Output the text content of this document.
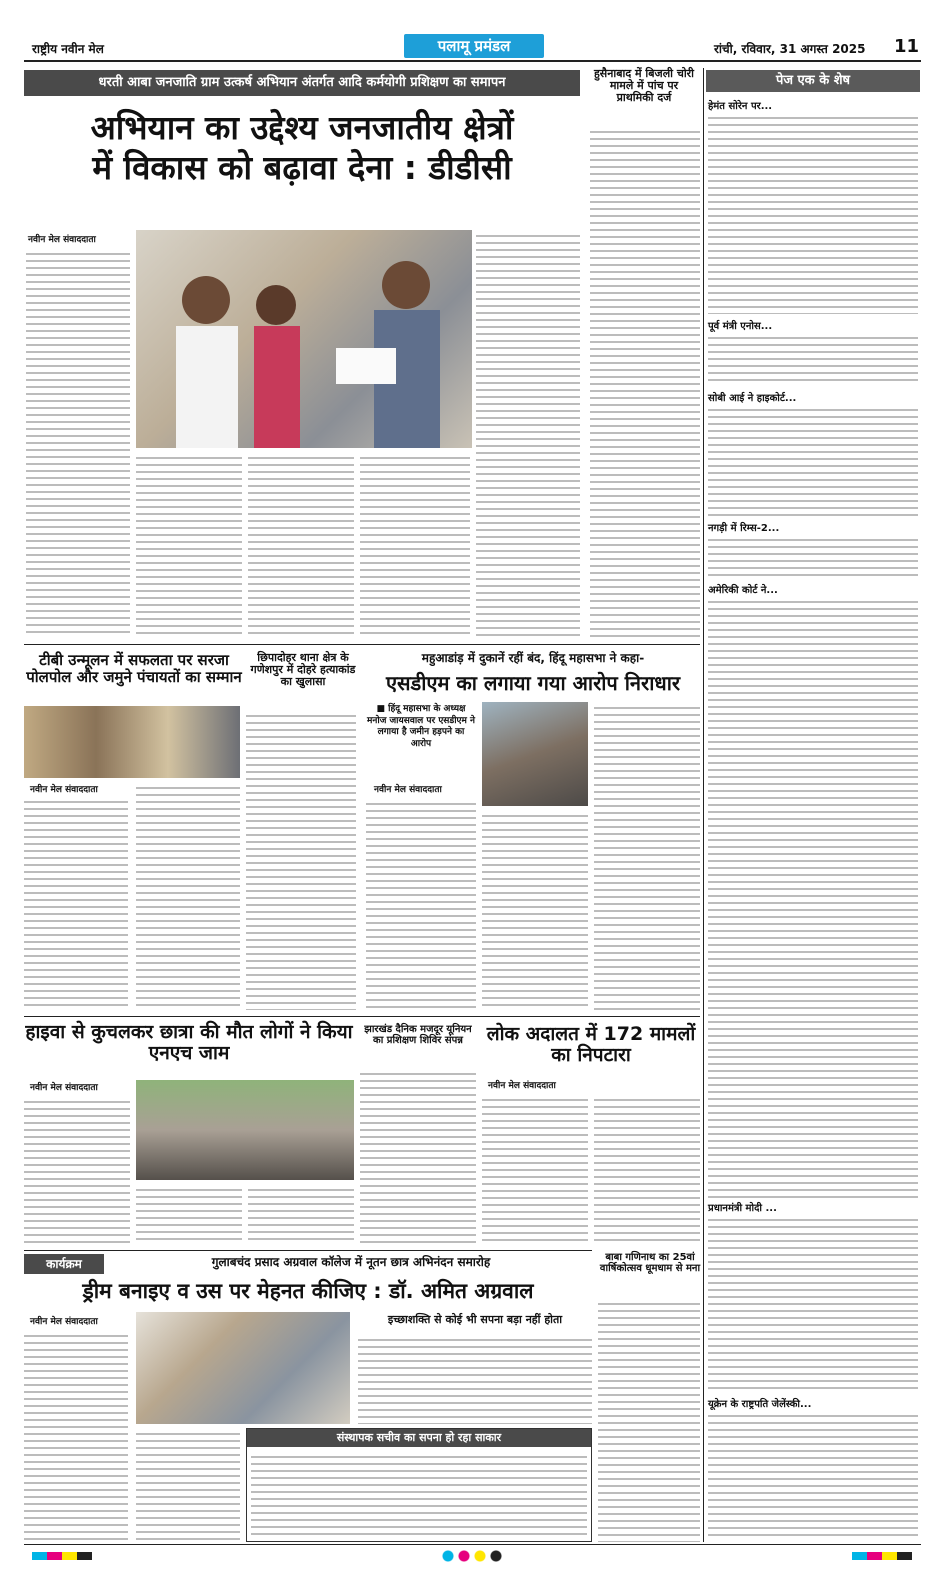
राष्ट्रीय नवीन मेल	पलामू प्रमंडल	रांची, रविवार, 31 अगस्त 2025 11
धरती आबा जनजाति ग्राम उत्कर्ष अभियान अंतर्गत आदि कर्मयोगी प्रशिक्षण का समापन
अभियान का उद्देश्य जनजातीय क्षेत्रों
में विकास को बढ़ावा देना : डीडीसी
नवीन मेल संवाददाता
हुसैनाबाद में बिजली चोरी मामले में पांच पर प्राथमिकी दर्ज
पेज एक के शेष
हेमंत सोरेन पर...
पूर्व मंत्री एनोस...
सोबी आई ने हाइकोर्ट...
नगड़ी में रिम्स-2...
अमेरिकी कोर्ट ने...
प्रधानमंत्री मोदी ...
यूक्रेन के राष्ट्रपति जेलेंस्की...
टीबी उन्मूलन में सफलता पर सरजा पोलपोल और जमुने पंचायतों का सम्मान
नवीन मेल संवाददाता
छिपादोहर थाना क्षेत्र के गणेशपुर में दोहरे हत्याकांड का खुलासा
महुआडांड़ में दुकानें रहीं बंद, हिंदू महासभा ने कहा-
एसडीएम का लगाया गया आरोप निराधार
■ हिंदू महासभा के अध्यक्ष मनोज जायसवाल पर एसडीएम ने लगाया है जमीन हड़पने का आरोप
नवीन मेल संवाददाता
हाइवा से कुचलकर छात्रा की मौत लोगों ने किया एनएच जाम
नवीन मेल संवाददाता
झारखंड दैनिक मजदूर यूनियन का प्रशिक्षण शिविर संपन्न	लोक अदालत में 172 मामलों का निपटारा
नवीन मेल संवाददाता
कार्यक्रम	गुलाबचंद प्रसाद अग्रवाल कॉलेज में नूतन छात्र अभिनंदन समारोह
ड्रीम बनाइए व उस पर मेहनत कीजिए : डॉ. अमित अग्रवाल
नवीन मेल संवाददाता	इच्छाशक्ति से कोई भी सपना बड़ा नहीं होता
संस्थापक सचीव का सपना हो रहा साकार
बाबा गणिनाथ का 25वां वार्षिकोत्सव धूमधाम से मना
